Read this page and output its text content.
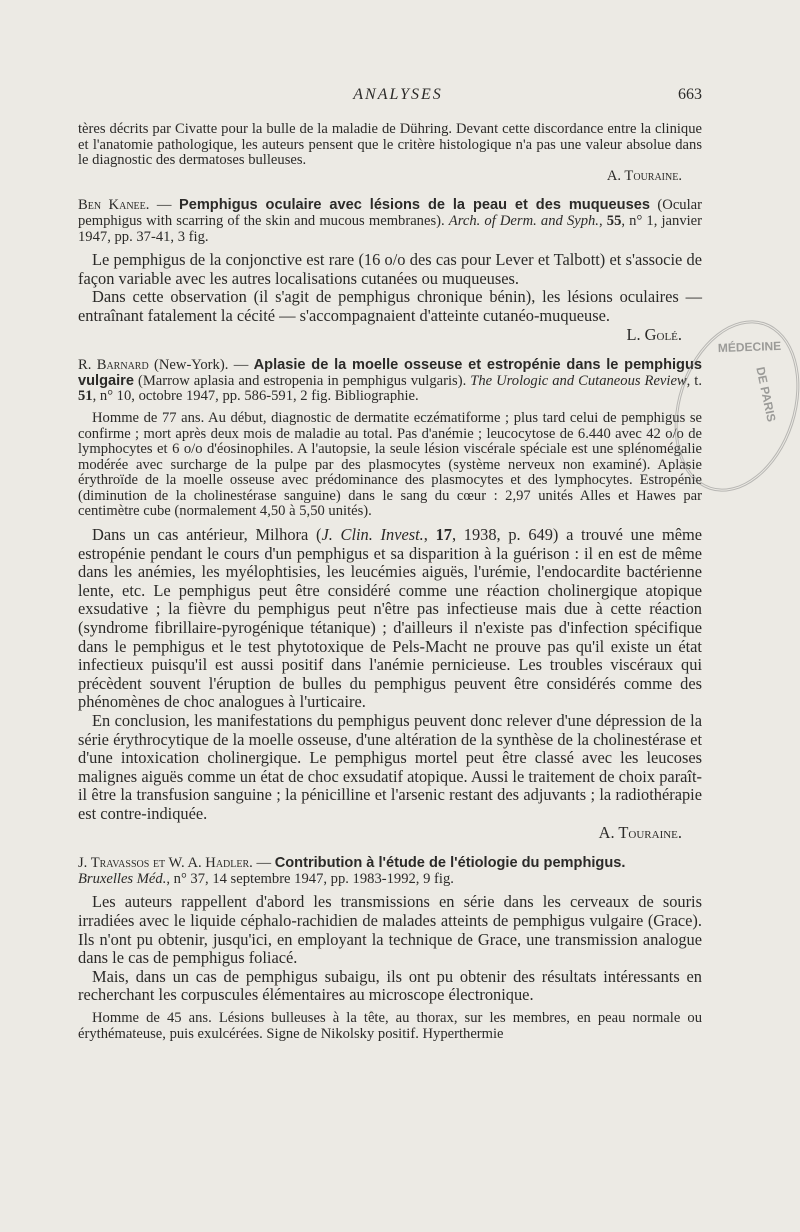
ANALYSES	663

tères décrits par Civatte pour la bulle de la maladie de Dühring. Devant cette discordance entre la clinique et l'anatomie pathologique, les auteurs pensent que le critère histologique n'a pas une valeur absolue dans le diagnostic des dermatoses bulleuses.

A. Touraine.

Ben Kanee. — Pemphigus oculaire avec lésions de la peau et des muqueuses (Ocular pemphigus with scarring of the skin and mucous membranes). Arch. of Derm. and Syph., 55, n° 1, janvier 1947, pp. 37-41, 3 fig.

Le pemphigus de la conjonctive est rare (16 o/o des cas pour Lever et Talbott) et s'associe de façon variable avec les autres localisations cutanées ou muqueuses.

Dans cette observation (il s'agit de pemphigus chronique bénin), les lésions oculaires — entraînant fatalement la cécité — s'accompagnaient d'atteinte cutanéo-muqueuse.

L. Golé.

R. Barnard (New-York). — Aplasie de la moelle osseuse et estropénie dans le pemphigus vulgaire (Marrow aplasia and estropenia in pemphigus vulgaris). The Urologic and Cutaneous Review, t. 51, n° 10, octobre 1947, pp. 586-591, 2 fig. Bibliographie.

Homme de 77 ans. Au début, diagnostic de dermatite eczématiforme ; plus tard celui de pemphigus se confirme ; mort après deux mois de maladie au total. Pas d'anémie ; leucocytose de 6.440 avec 42 o/o de lymphocytes et 6 o/o d'éosinophiles. A l'autopsie, la seule lésion viscérale spéciale est une splénomégalie modérée avec surcharge de la pulpe par des plasmocytes (système nerveux non examiné). Aplasie érythroïde de la moelle osseuse avec prédominance des plasmocytes et des lymphocytes. Estropénie (diminution de la cholinestérase sanguine) dans le sang du cœur : 2,97 unités Alles et Hawes par centimètre cube (normalement 4,50 à 5,50 unités).

Dans un cas antérieur, Milhora (J. Clin. Invest., 17, 1938, p. 649) a trouvé une même estropénie pendant le cours d'un pemphigus et sa disparition à la guérison : il en est de même dans les anémies, les myélophtisies, les leucémies aiguës, l'urémie, l'endocardite bactérienne lente, etc. Le pemphigus peut être considéré comme une réaction cholinergique atopique exsudative ; la fièvre du pemphigus peut n'être pas infectieuse mais due à cette réaction (syndrome fibrillaire-pyrogénique tétanique) ; d'ailleurs il n'existe pas d'infection spécifique dans le pemphigus et le test phytotoxique de Pels-Macht ne prouve pas qu'il existe un état infectieux puisqu'il est aussi positif dans l'anémie pernicieuse. Les troubles viscéraux qui précèdent souvent l'éruption de bulles du pemphigus peuvent être considérés comme des phénomènes de choc analogues à l'urticaire.

En conclusion, les manifestations du pemphigus peuvent donc relever d'une dépression de la série érythrocytique de la moelle osseuse, d'une altération de la synthèse de la cholinestérase et d'une intoxication cholinergique. Le pemphigus mortel peut être classé avec les leucoses malignes aiguës comme un état de choc exsudatif atopique. Aussi le traitement de choix paraît-il être la transfusion sanguine ; la pénicilline et l'arsenic restant des adjuvants ; la radiothérapie est contre-indiquée.

A. Touraine.

J. Travassos et W. A. Hadler. — Contribution à l'étude de l'étiologie du pemphigus.
Bruxelles Méd., n° 37, 14 septembre 1947, pp. 1983-1992, 9 fig.

Les auteurs rappellent d'abord les transmissions en série dans les cerveaux de souris irradiées avec le liquide céphalo-rachidien de malades atteints de pemphigus vulgaire (Grace). Ils n'ont pu obtenir, jusqu'ici, en employant la technique de Grace, une transmission analogue dans le cas de pemphigus foliacé.

Mais, dans un cas de pemphigus subaigu, ils ont pu obtenir des résultats intéressants en recherchant les corpuscules élémentaires au microscope électronique.

Homme de 45 ans. Lésions bulleuses à la tête, au thorax, sur les membres, en peau normale ou érythémateuse, puis exulcérées. Signe de Nikolsky positif. Hyperthermie

MÉDECINE
DE PARIS
